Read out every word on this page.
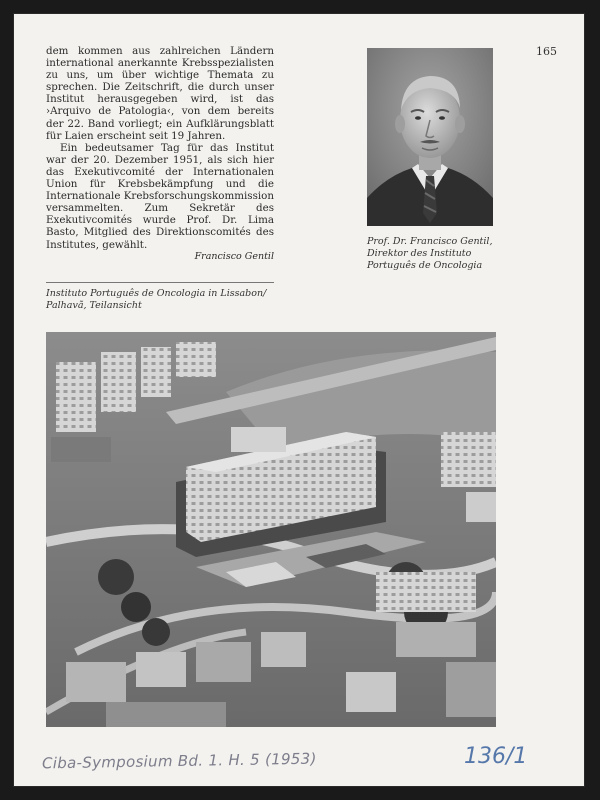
165

dem kommen aus zahlreichen Ländern international anerkannte Krebsspezialisten zu uns, um über wichtige Themata zu sprechen. Die Zeitschrift, die durch unser Institut herausgegeben wird, ist das ›Arquivo de Patologia‹, von dem bereits der 22. Band vorliegt; ein Aufklärungsblatt für Laien erscheint seit 19 Jahren.

Ein bedeutsamer Tag für das Institut war der 20. Dezember 1951, als sich hier das Exekutivcomité der Internationalen Union für Krebsbekämpfung und die Internationale Krebsforschungskommission versammelten. Zum Sekretär des Exekutivcomités wurde Prof. Dr. Lima Basto, Mitglied des Direktionscomités des Institutes, gewählt.
Francisco Gentil

Instituto Português de Oncologia in Lissabon/ Palhavã, Teilansicht
Prof. Dr. Francisco Gentil,
Direktor des Instituto
Português de Oncologia
Ciba-Symposium Bd. 1. H. 5 (1953)	136/1
